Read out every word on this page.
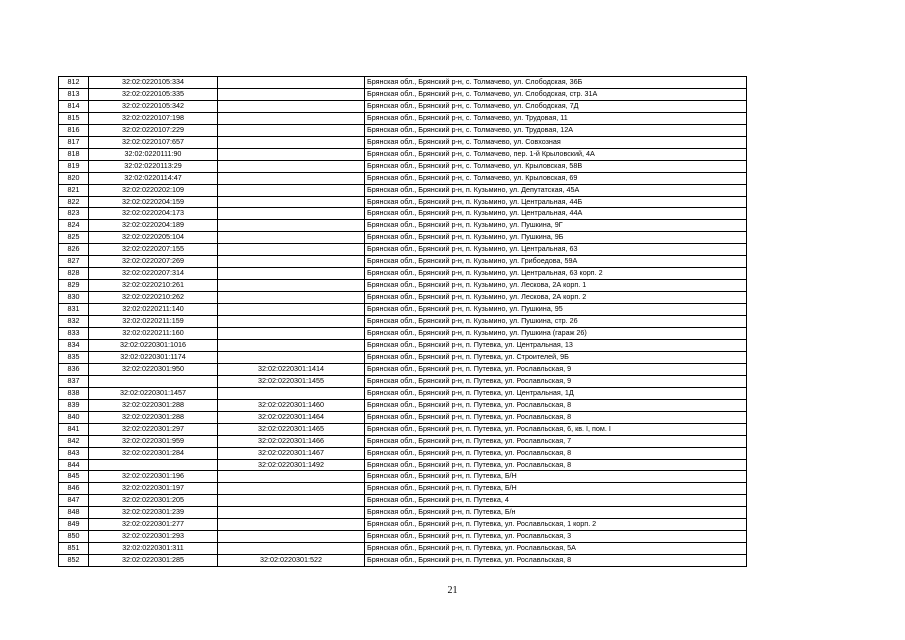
812	32:02:0220105:334		Брянская обл., Брянский р-н, с. Толмачево, ул. Слободская, 36Б
813	32:02:0220105:335		Брянская обл., Брянский р-н, с. Толмачево, ул. Слободская, стр. 31А
814	32:02:0220105:342		Брянская обл., Брянский р-н, с. Толмачево, ул. Слободская, 7Д
815	32:02:0220107:198		Брянская обл., Брянский р-н, с. Толмачево, ул. Трудовая, 11
816	32:02:0220107:229		Брянская обл., Брянский р-н, с. Толмачево, ул. Трудовая, 12А
817	32:02:0220107:657		Брянская обл., Брянский р-н, с. Толмачево, ул. Совхозная
818	32:02:0220111:90		Брянская обл., Брянский р-н, с. Толмачево, пер. 1-й Крыловский, 4А
819	32:02:0220113:29		Брянская обл., Брянский р-н, с. Толмачево, ул. Крыловская, 58В
820	32:02:0220114:47		Брянская обл., Брянский р-н, с. Толмачево, ул. Крыловская, 69
821	32:02:0220202:109		Брянская обл., Брянский р-н, п. Кузьмино, ул. Депутатская, 45А
822	32:02:0220204:159		Брянская обл., Брянский р-н, п. Кузьмино, ул. Центральная, 44Б
823	32:02:0220204:173		Брянская обл., Брянский р-н, п. Кузьмино, ул. Центральная, 44А
824	32:02:0220204:189		Брянская обл., Брянский р-н, п. Кузьмино, ул. Пушкина, 9Г
825	32:02:0220205:104		Брянская обл., Брянский р-н, п. Кузьмино, ул. Пушкина, 9Б
826	32:02:0220207:155		Брянская обл., Брянский р-н, п. Кузьмино, ул. Центральная, 63
827	32:02:0220207:269		Брянская обл., Брянский р-н, п. Кузьмино, ул. Грибоедова, 59А
828	32:02:0220207:314		Брянская обл., Брянский р-н, п. Кузьмино, ул. Центральная, 63 корп. 2
829	32:02:0220210:261		Брянская обл., Брянский р-н, п. Кузьмино, ул. Лескова, 2А корп. 1
830	32:02:0220210:262		Брянская обл., Брянский р-н, п. Кузьмино, ул. Лескова, 2А корп. 2
831	32:02:0220211:140		Брянская обл., Брянский р-н, п. Кузьмино, ул. Пушкина, 95
832	32:02:0220211:159		Брянская обл., Брянский р-н, п. Кузьмино, ул. Пушкина, стр. 26
833	32:02:0220211:160		Брянская обл., Брянский р-н, п. Кузьмино, ул. Пушкина (гараж 26)
834	32:02:0220301:1016		Брянская обл., Брянский р-н, п. Путевка, ул. Центральная, 13
835	32:02:0220301:1174		Брянская обл., Брянский р-н, п. Путевка, ул. Строителей, 9Б
836	32:02:0220301:950	32:02:0220301:1414	Брянская обл., Брянский р-н, п. Путевка, ул. Рославльская, 9
837		32:02:0220301:1455	Брянская обл., Брянский р-н, п. Путевка, ул. Рославльская, 9
838	32:02:0220301:1457		Брянская обл., Брянский р-н, п. Путевка, ул. Центральная, 1Д
839	32:02:0220301:288	32:02:0220301:1460	Брянская обл., Брянский р-н, п. Путевка, ул. Рославльская, 8
840	32:02:0220301:288	32:02:0220301:1464	Брянская обл., Брянский р-н, п. Путевка, ул. Рославльская, 8
841	32:02:0220301:297	32:02:0220301:1465	Брянская обл., Брянский р-н, п. Путевка, ул. Рославльская, 6, кв. I, пом. I
842	32:02:0220301:959	32:02:0220301:1466	Брянская обл., Брянский р-н, п. Путевка, ул. Рославльская, 7
843	32:02:0220301:284	32:02:0220301:1467	Брянская обл., Брянский р-н, п. Путевка, ул. Рославльская, 8
844		32:02:0220301:1492	Брянская обл., Брянский р-н, п. Путевка, ул. Рославльская, 8
845	32:02:0220301:196		Брянская обл., Брянский р-н, п. Путевка, Б/Н
846	32:02:0220301:197		Брянская обл., Брянский р-н, п. Путевка, Б/Н
847	32:02:0220301:205		Брянская обл., Брянский р-н, п. Путевка, 4
848	32:02:0220301:239		Брянская обл., Брянский р-н, п. Путевка, Б/н
849	32:02:0220301:277		Брянская обл., Брянский р-н, п. Путевка, ул. Рославльская, 1 корп. 2
850	32:02:0220301:293		Брянская обл., Брянский р-н, п. Путевка, ул. Рославльская, 3
851	32:02:0220301:311		Брянская обл., Брянский р-н, п. Путевка, ул. Рославльская, 5А
852	32:02:0220301:285	32:02:0220301:522	Брянская обл., Брянский р-н, п. Путевка, ул. Рославльская, 8
21
